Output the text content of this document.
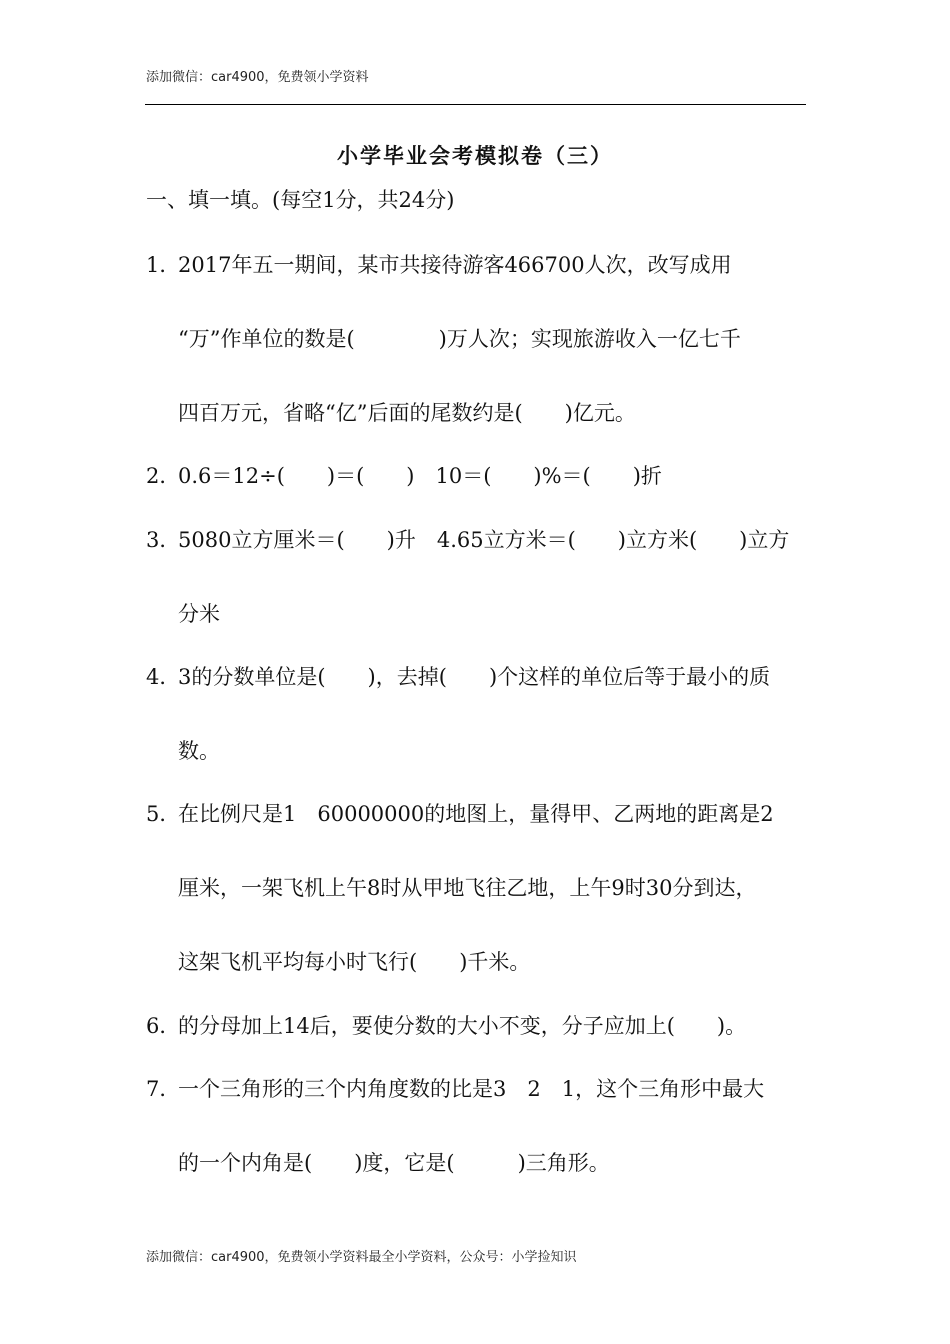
添加微信：car4900，免费领小学资料
小学毕业会考模拟卷（三）
一、填一填。(每空1分，共24分)
1．
2017年五一期间，某市共接待游客466700人次，改写成用
“万”作单位的数是(　　　　)万人次；实现旅游收入一亿七千
四百万元，省略“亿”后面的尾数约是(　　)亿元。
2．
0.6＝12÷(　　)＝(　　)　10＝(　　)%＝(　　)折
3．
5080立方厘米＝(　　)升　4.65立方米＝(　　)立方米(　　)立方
分米
4．
3的分数单位是(　　)，去掉(　　)个这样的单位后等于最小的质
数。
5．
在比例尺是1　60000000的地图上，量得甲、乙两地的距离是2
厘米，一架飞机上午8时从甲地飞往乙地，上午9时30分到达，
这架飞机平均每小时飞行(　　)千米。
6．
的分母加上14后，要使分数的大小不变，分子应加上(　　)。
7．
一个三角形的三个内角度数的比是3　2　1，这个三角形中最大
的一个内角是(　　)度，它是(　　　)三角形。
添加微信：car4900，免费领小学资料最全小学资料，公众号：小学捡知识
